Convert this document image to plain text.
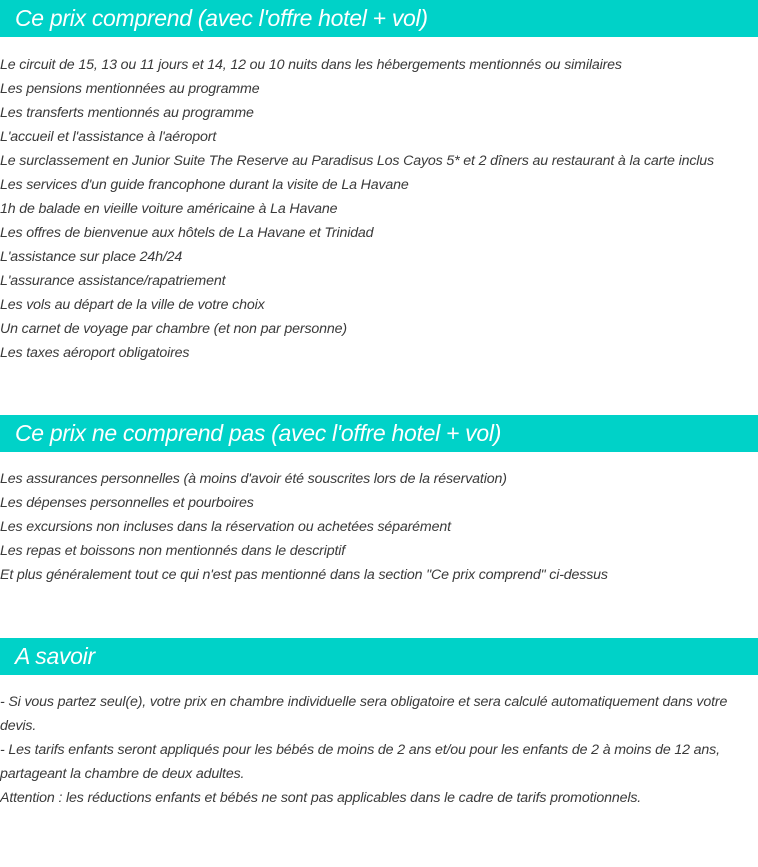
Ce prix comprend (avec l'offre hotel + vol)
Le circuit de 15, 13 ou 11 jours et 14, 12 ou 10 nuits dans les hébergements mentionnés ou similaires
Les pensions mentionnées au programme
Les transferts mentionnés au programme
L'accueil et l'assistance à l'aéroport
Le surclassement en Junior Suite The Reserve au Paradisus Los Cayos 5* et 2 dîners au restaurant à la carte inclus
Les services d'un guide francophone durant la visite de La Havane
1h de balade en vieille voiture américaine à La Havane
Les offres de bienvenue aux hôtels de La Havane et Trinidad
L'assistance sur place 24h/24
L'assurance assistance/rapatriement
Les vols au départ de la ville de votre choix
Un carnet de voyage par chambre (et non par personne)
Les taxes aéroport obligatoires
Ce prix ne comprend pas (avec l'offre hotel + vol)
Les assurances personnelles (à moins d'avoir été souscrites lors de la réservation)
Les dépenses personnelles et pourboires
Les excursions non incluses dans la réservation ou achetées séparément
Les repas et boissons non mentionnés dans le descriptif
Et plus généralement tout ce qui n'est pas mentionné dans la section "Ce prix comprend" ci-dessus
A savoir

- Si vous partez seul(e), votre prix en chambre individuelle sera obligatoire et sera calculé automatiquement dans votre devis.

- Les tarifs enfants seront appliqués pour les bébés de moins de 2 ans et/ou pour les enfants de 2 à moins de 12 ans, partageant la chambre de deux adultes.

Attention : les réductions enfants et bébés ne sont pas applicables dans le cadre de tarifs promotionnels.
